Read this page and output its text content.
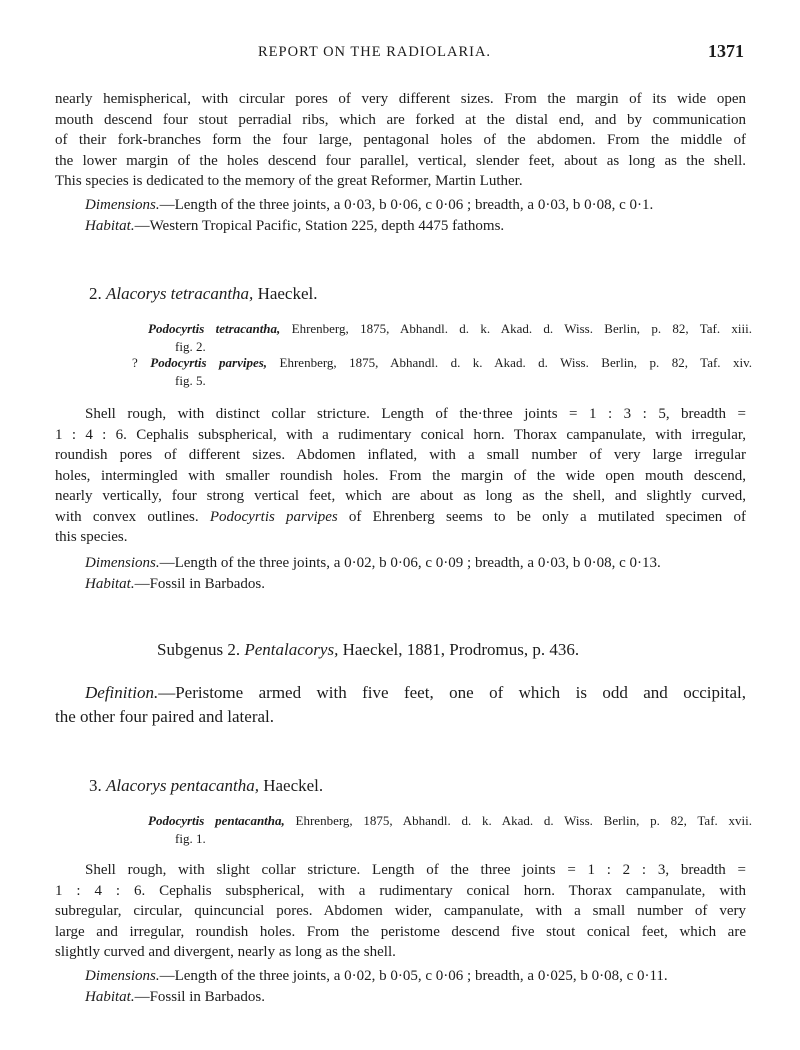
REPORT ON THE RADIOLARIA.	1371
nearly hemispherical, with circular pores of very different sizes. From the margin of its wide open
mouth descend four stout perradial ribs, which are forked at the distal end, and by communication
of their fork-branches form the four large, pentagonal holes of the abdomen. From the middle of
the lower margin of the holes descend four parallel, vertical, slender feet, about as long as the shell.
This species is dedicated to the memory of the great Reformer, Martin Luther.
Dimensions.—Length of the three joints, a 0·03, b 0·06, c 0·06 ; breadth, a 0·03, b 0·08, c 0·1.
Habitat.—Western Tropical Pacific, Station 225, depth 4475 fathoms.
2. Alacorys tetracantha, Haeckel.
Podocyrtis tetracantha, Ehrenberg, 1875, Abhandl. d. k. Akad. d. Wiss. Berlin, p. 82, Taf. xiii.
fig. 2.
? Podocyrtis parvipes, Ehrenberg, 1875, Abhandl. d. k. Akad. d. Wiss. Berlin, p. 82, Taf. xiv.
fig. 5.
Shell rough, with distinct collar stricture. Length of the·three joints = 1 : 3 : 5, breadth =
1 : 4 : 6. Cephalis subspherical, with a rudimentary conical horn. Thorax campanulate, with irregular,
roundish pores of different sizes. Abdomen inflated, with a small number of very large irregular
holes, intermingled with smaller roundish holes. From the margin of the wide open mouth descend,
nearly vertically, four strong vertical feet, which are about as long as the shell, and slightly curved,
with convex outlines. Podocyrtis parvipes of Ehrenberg seems to be only a mutilated specimen of
this species.
Dimensions.—Length of the three joints, a 0·02, b 0·06, c 0·09 ; breadth, a 0·03, b 0·08, c 0·13.
Habitat.—Fossil in Barbados.
Subgenus 2. Pentalacorys, Haeckel, 1881, Prodromus, p. 436.
Definition.—Peristome armed with five feet, one of which is odd and occipital,
the other four paired and lateral.
3. Alacorys pentacantha, Haeckel.
Podocyrtis pentacantha, Ehrenberg, 1875, Abhandl. d. k. Akad. d. Wiss. Berlin, p. 82, Taf. xvii.
fig. 1.
Shell rough, with slight collar stricture. Length of the three joints = 1 : 2 : 3, breadth =
1 : 4 : 6. Cephalis subspherical, with a rudimentary conical horn. Thorax campanulate, with
subregular, circular, quincuncial pores. Abdomen wider, campanulate, with a small number of very
large and irregular, roundish holes. From the peristome descend five stout conical feet, which are
slightly curved and divergent, nearly as long as the shell.
Dimensions.—Length of the three joints, a 0·02, b 0·05, c 0·06 ; breadth, a 0·025, b 0·08, c 0·11.
Habitat.—Fossil in Barbados.
